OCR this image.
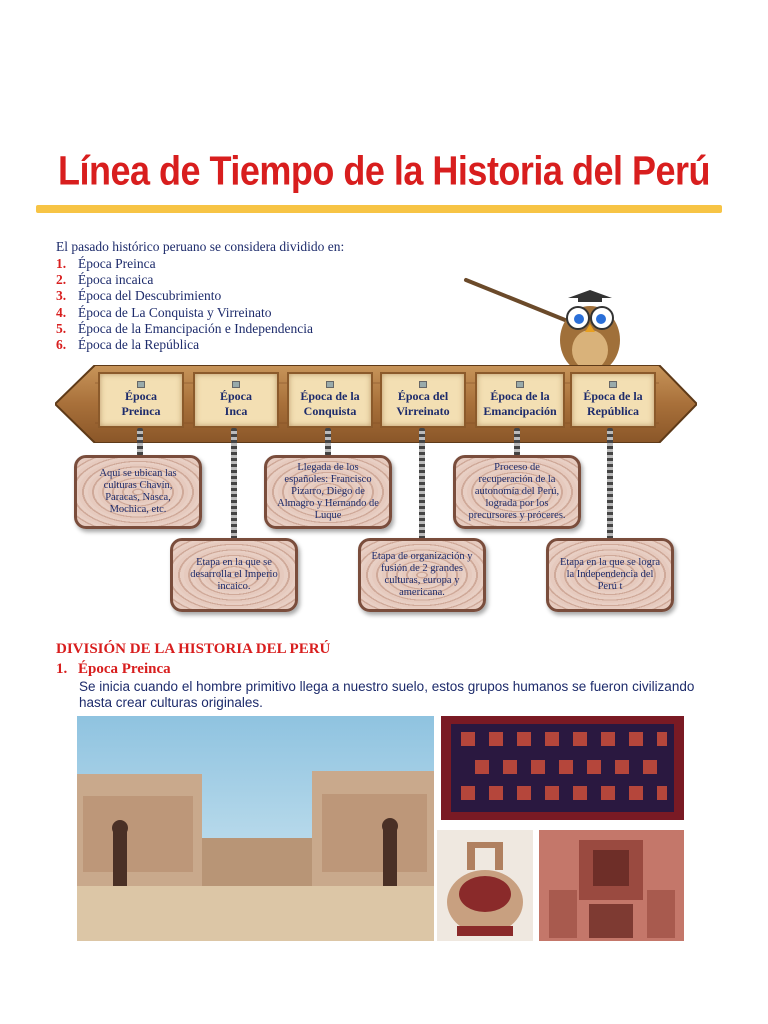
Línea de Tiempo de la Historia del Perú
El pasado histórico peruano se considera dividido en:
1. Época Preinca
2. Época incaica
3. Época del Descubrimiento
4. Época de La Conquista y Virreinato
5. Época de la Emancipación e Independencia
6. Época de la República
Época
Preinca
Época
Inca
Época de la
Conquista
Época del
Virreinato
Época de la
Emancipación
Época de la
República
Aquí se ubican las culturas Chavín, Paracas, Nasca, Mochica, etc.
Etapa en la que se desarrolla el Imperio incaico.
Llegada de los españoles: Francisco Pizarro, Diego de Almagro y Hernando de Luque
Etapa de organización y fusión de 2 grandes culturas, europa y americana.
Proceso de recuperación de la autonomía del Perú, lograda por los precursores y próceres.
Etapa en la que se logra la Independencia del Perú t
DIVISIÓN DE LA HISTORIA DEL PERÚ
1. Época Preinca
Se inicia cuando el hombre primitivo llega a nuestro suelo, estos grupos humanos se fueron civilizando hasta crear culturas originales.
